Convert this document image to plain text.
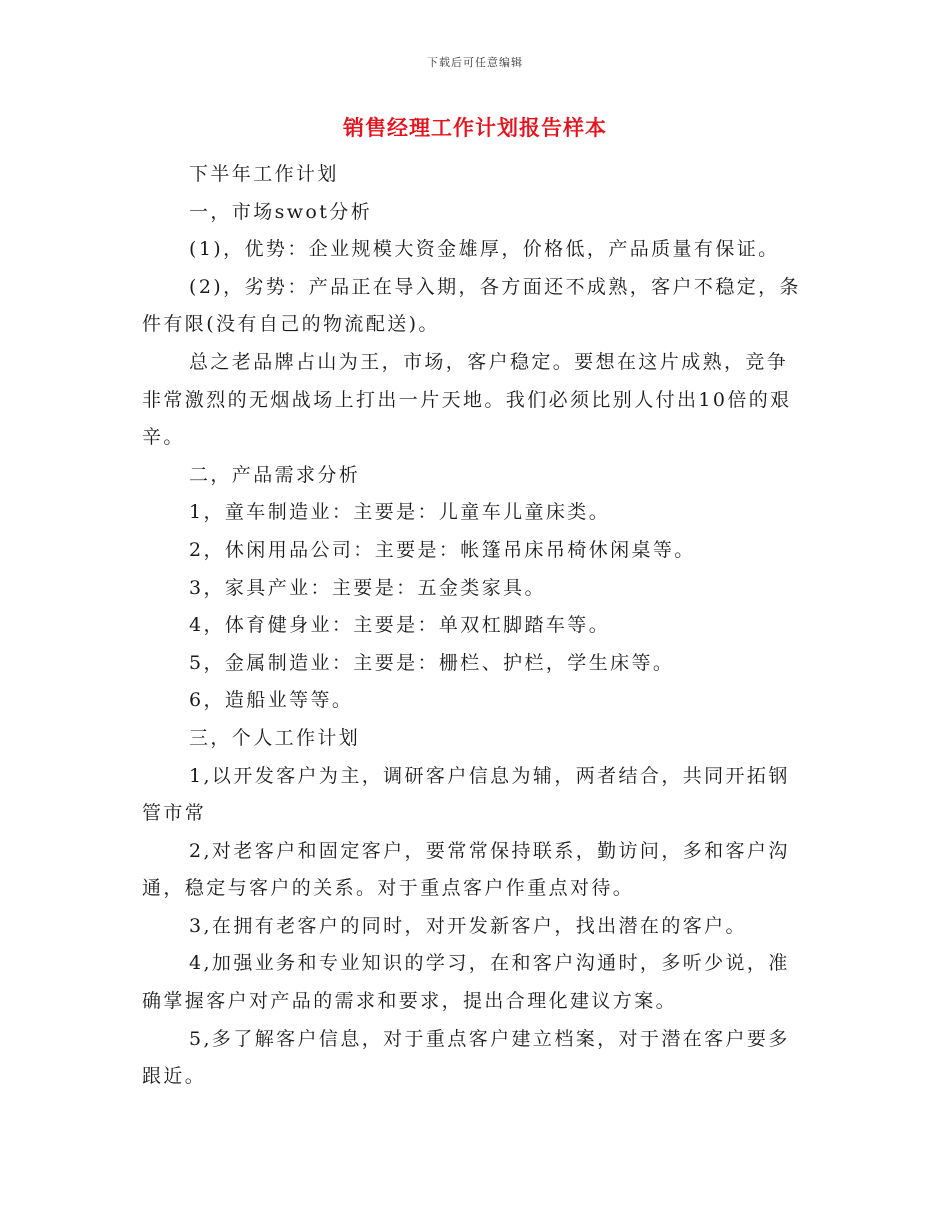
下载后可任意编辑
销售经理工作计划报告样本

下半年工作计划

一，市场swot分析

(1)，优势：企业规模大资金雄厚，价格低，产品质量有保证。

(2)，劣势：产品正在导入期，各方面还不成熟，客户不稳定，条件有限(没有自己的物流配送)。

总之老品牌占山为王，市场，客户稳定。要想在这片成熟，竞争非常激烈的无烟战场上打出一片天地。我们必须比别人付出10倍的艰辛。

二，产品需求分析

1，童车制造业：主要是：儿童车儿童床类。

2，休闲用品公司：主要是：帐篷吊床吊椅休闲桌等。

3，家具产业：主要是：五金类家具。

4，体育健身业：主要是：单双杠脚踏车等。

5，金属制造业：主要是：栅栏、护栏，学生床等。

6，造船业等等。

三，个人工作计划

1,以开发客户为主，调研客户信息为辅，两者结合，共同开拓钢管市常

2,对老客户和固定客户，要常常保持联系，勤访问，多和客户沟通，稳定与客户的关系。对于重点客户作重点对待。

3,在拥有老客户的同时，对开发新客户，找出潜在的客户。

4,加强业务和专业知识的学习，在和客户沟通时，多听少说，准确掌握客户对产品的需求和要求，提出合理化建议方案。

5,多了解客户信息，对于重点客户建立档案，对于潜在客户要多跟近。
